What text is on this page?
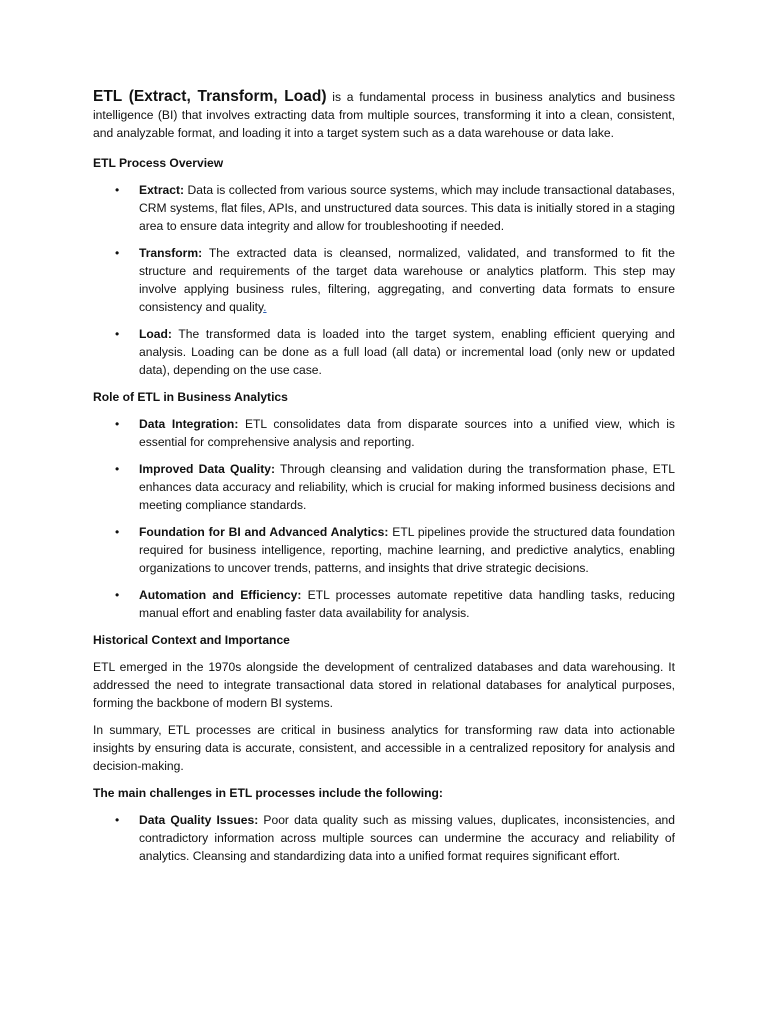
ETL (Extract, Transform, Load) is a fundamental process in business analytics and business intelligence (BI) that involves extracting data from multiple sources, transforming it into a clean, consistent, and analyzable format, and loading it into a target system such as a data warehouse or data lake.

ETL Process Overview

• Extract: Data is collected from various source systems, which may include transactional databases, CRM systems, flat files, APIs, and unstructured data sources. This data is initially stored in a staging area to ensure data integrity and allow for troubleshooting if needed.

• Transform: The extracted data is cleansed, normalized, validated, and transformed to fit the structure and requirements of the target data warehouse or analytics platform. This step may involve applying business rules, filtering, aggregating, and converting data formats to ensure consistency and quality.

• Load: The transformed data is loaded into the target system, enabling efficient querying and analysis. Loading can be done as a full load (all data) or incremental load (only new or updated data), depending on the use case.

Role of ETL in Business Analytics

• Data Integration: ETL consolidates data from disparate sources into a unified view, which is essential for comprehensive analysis and reporting.

• Improved Data Quality: Through cleansing and validation during the transformation phase, ETL enhances data accuracy and reliability, which is crucial for making informed business decisions and meeting compliance standards.

• Foundation for BI and Advanced Analytics: ETL pipelines provide the structured data foundation required for business intelligence, reporting, machine learning, and predictive analytics, enabling organizations to uncover trends, patterns, and insights that drive strategic decisions.

• Automation and Efficiency: ETL processes automate repetitive data handling tasks, reducing manual effort and enabling faster data availability for analysis.

Historical Context and Importance

ETL emerged in the 1970s alongside the development of centralized databases and data warehousing. It addressed the need to integrate transactional data stored in relational databases for analytical purposes, forming the backbone of modern BI systems.

In summary, ETL processes are critical in business analytics for transforming raw data into actionable insights by ensuring data is accurate, consistent, and accessible in a centralized repository for analysis and decision-making.

The main challenges in ETL processes include the following:

• Data Quality Issues: Poor data quality such as missing values, duplicates, inconsistencies, and contradictory information across multiple sources can undermine the accuracy and reliability of analytics. Cleansing and standardizing data into a unified format requires significant effort.
